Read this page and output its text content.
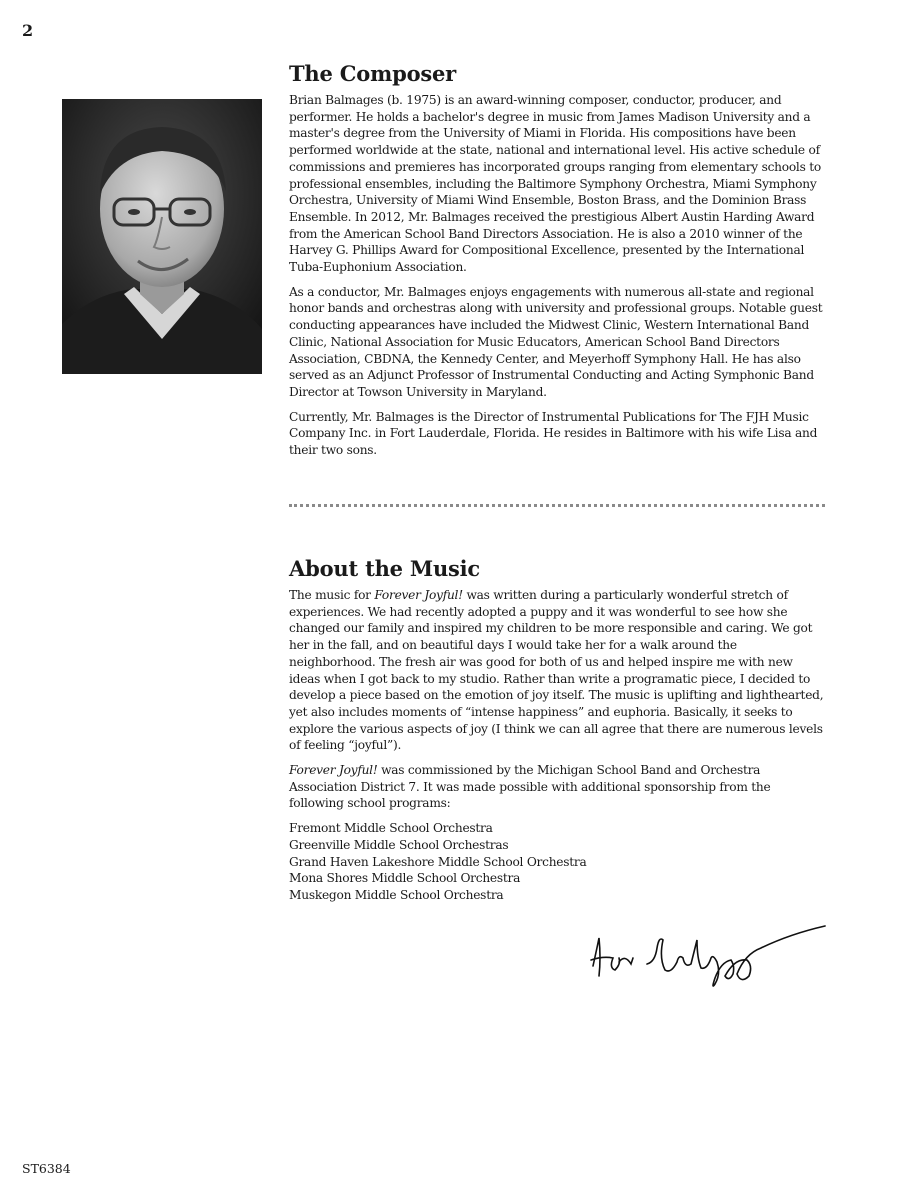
2
The Composer

Brian Balmages (b. 1975) is an award-winning composer, conductor, producer, and performer. He holds a bachelor's degree in music from James Madison University and a master's degree from the University of Miami in Florida. His compositions have been performed worldwide at the state, national and international level. His active schedule of commissions and premieres has incorporated groups ranging from elementary schools to professional ensembles, including the Baltimore Symphony Orchestra, Miami Symphony Orchestra, University of Miami Wind Ensemble, Boston Brass, and the Dominion Brass Ensemble. In 2012, Mr. Balmages received the prestigious Albert Austin Harding Award from the American School Band Directors Association. He is also a 2010 winner of the Harvey G. Phillips Award for Compositional Excellence, presented by the International Tuba-Euphonium Association.

As a conductor, Mr. Balmages enjoys engagements with numerous all-state and regional honor bands and orchestras along with university and professional groups. Notable guest conducting appearances have included the Midwest Clinic, Western International Band Clinic, National Association for Music Educators, American School Band Directors Association, CBDNA, the Kennedy Center, and Meyerhoff Symphony Hall. He has also served as an Adjunct Professor of Instrumental Conducting and Acting Symphonic Band Director at Towson University in Maryland.

Currently, Mr. Balmages is the Director of Instrumental Publications for The FJH Music Company Inc. in Fort Lauderdale, Florida. He resides in Baltimore with his wife Lisa and their two sons.

About the Music

The music for Forever Joyful! was written during a particularly wonderful stretch of experiences. We had recently adopted a puppy and it was wonderful to see how she changed our family and inspired my children to be more responsible and caring. We got her in the fall, and on beautiful days I would take her for a walk around the neighborhood. The fresh air was good for both of us and helped inspire me with new ideas when I got back to my studio. Rather than write a programatic piece, I decided to develop a piece based on the emotion of joy itself. The music is uplifting and lighthearted, yet also includes moments of “intense happiness” and euphoria. Basically, it seeks to explore the various aspects of joy (I think we can all agree that there are numerous levels of feeling “joyful”).

Forever Joyful! was commissioned by the Michigan School Band and Orchestra Association District 7. It was made possible with additional sponsorship from the following school programs:

Fremont Middle School Orchestra
Greenville Middle School Orchestras
Grand Haven Lakeshore Middle School Orchestra
Mona Shores Middle School Orchestra
Muskegon Middle School Orchestra
ST6384
